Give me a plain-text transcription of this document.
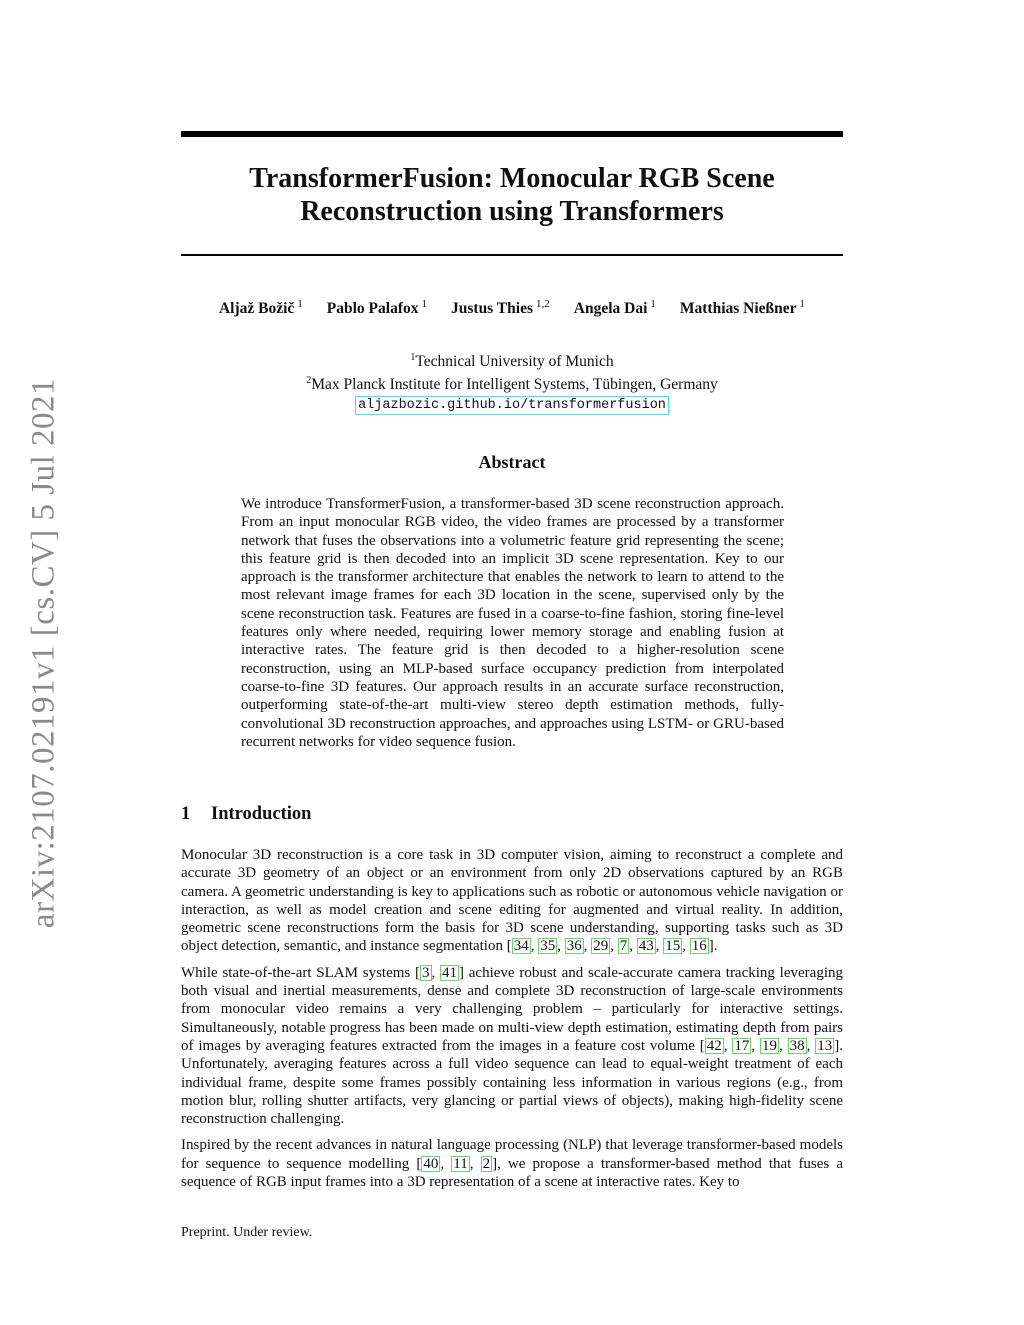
arXiv:2107.02191v1 [cs.CV] 5 Jul 2021
TransformerFusion: Monocular RGB Scene
Reconstruction using Transformers
Aljaž Božič $^1$ Pablo Palafox $^1$ Justus Thies $^{1,2}$ Angela Dai $^1$ Matthias Nießner $^1$
$^1$Technical University of Munich
$^2$Max Planck Institute for Intelligent Systems, Tübingen, Germany
aljazbozic.github.io/transformerfusion
Abstract

We introduce TransformerFusion, a transformer-based 3D scene reconstruction approach. From an input monocular RGB video, the video frames are processed by a transformer network that fuses the observations into a volumetric feature grid representing the scene; this feature grid is then decoded into an implicit 3D scene representation. Key to our approach is the transformer architecture that enables the network to learn to attend to the most relevant image frames for each 3D location in the scene, supervised only by the scene reconstruction task. Features are fused in a coarse-to-fine fashion, storing fine-level features only where needed, requiring lower memory storage and enabling fusion at interactive rates. The feature grid is then decoded to a higher-resolution scene reconstruction, using an MLP-based surface occupancy prediction from interpolated coarse-to-fine 3D features. Our approach results in an accurate surface reconstruction, outperforming state-of-the-art multi-view stereo depth estimation methods, fully-convolutional 3D reconstruction approaches, and approaches using LSTM- or GRU-based recurrent networks for video sequence fusion.

1 Introduction

Monocular 3D reconstruction is a core task in 3D computer vision, aiming to reconstruct a complete and accurate 3D geometry of an object or an environment from only 2D observations captured by an RGB camera. A geometric understanding is key to applications such as robotic or autonomous vehicle navigation or interaction, as well as model creation and scene editing for augmented and virtual reality. In addition, geometric scene reconstructions form the basis for 3D scene understanding, supporting tasks such as 3D object detection, semantic, and instance segmentation [ 34 , 35 , 36 , 29 , 7 , 43 , 15 , 16 ].

While state-of-the-art SLAM systems [ 3 , 41 ] achieve robust and scale-accurate camera tracking leveraging both visual and inertial measurements, dense and complete 3D reconstruction of large-scale environments from monocular video remains a very challenging problem – particularly for interactive settings. Simultaneously, notable progress has been made on multi-view depth estimation, estimating depth from pairs of images by averaging features extracted from the images in a feature cost volume [ 42 , 17 , 19 , 38 , 13 ]. Unfortunately, averaging features across a full video sequence can lead to equal-weight treatment of each individual frame, despite some frames possibly containing less information in various regions (e.g., from motion blur, rolling shutter artifacts, very glancing or partial views of objects), making high-fidelity scene reconstruction challenging.

Inspired by the recent advances in natural language processing (NLP) that leverage transformer-based models for sequence to sequence modelling [ 40 , 11 , 2 ], we propose a transformer-based method that fuses a sequence of RGB input frames into a 3D representation of a scene at interactive rates. Key to

Preprint. Under review.
